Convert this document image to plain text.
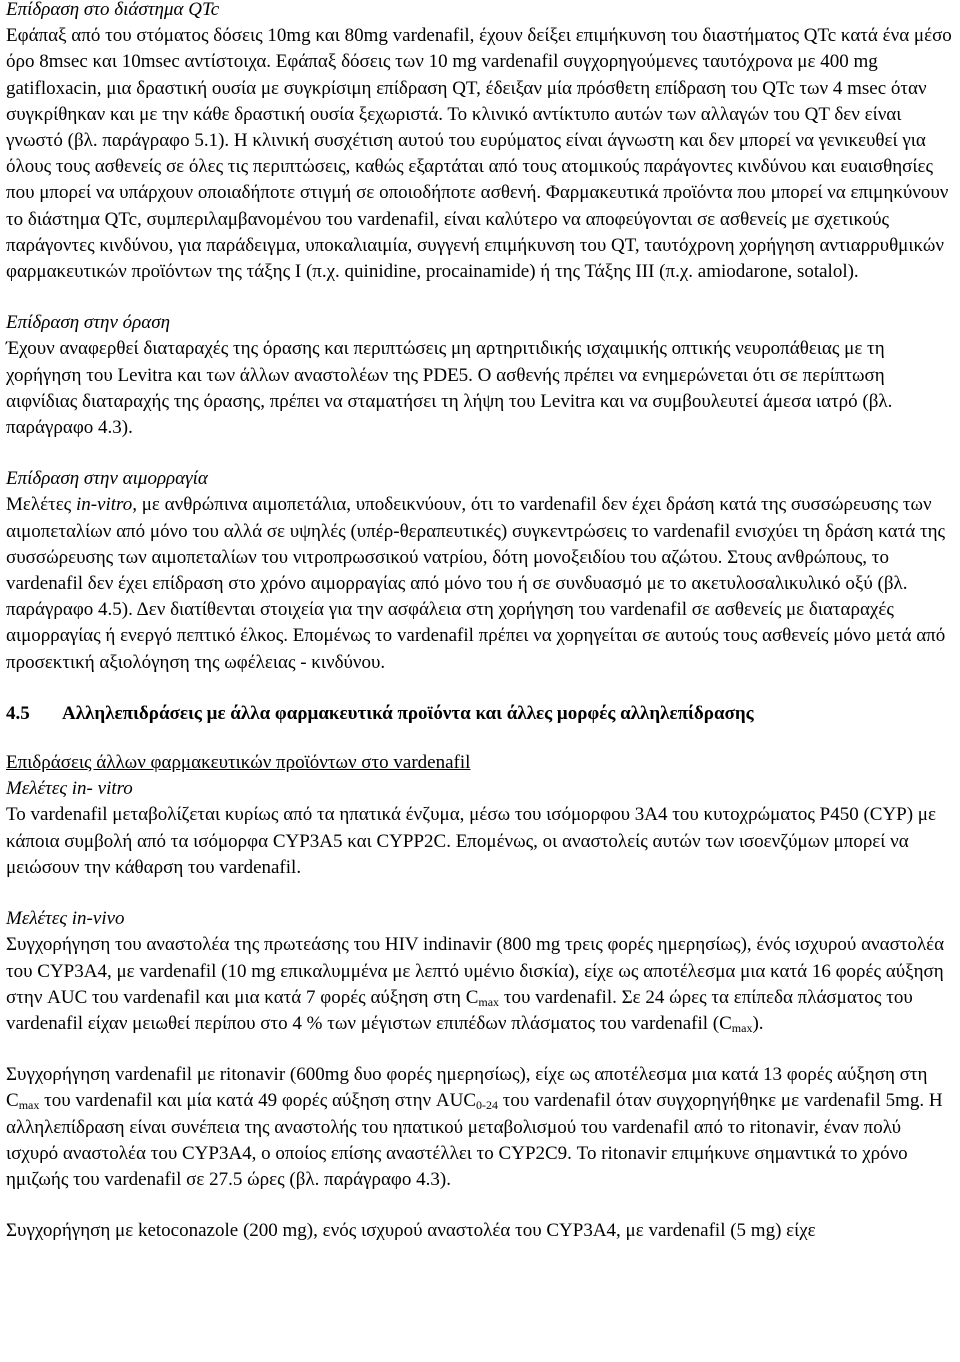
Επίδραση στο διάστημα QTc

Εφάπαξ από του στόματος δόσεις 10mg και 80mg vardenafil, έχουν δείξει επιμήκυνση του διαστήματος QTc κατά ένα μέσο όρο 8msec και 10msec αντίστοιχα. Εφάπαξ δόσεις των 10 mg vardenafil συγχορηγούμενες ταυτόχρονα με 400 mg gatifloxacin, μια δραστική ουσία με συγκρίσιμη επίδραση QT, έδειξαν μία πρόσθετη επίδραση του QTc των 4 msec όταν συγκρίθηκαν και με την κάθε δραστική ουσία ξεχωριστά. Το κλινικό αντίκτυπο αυτών των αλλαγών του QT δεν είναι γνωστό (βλ. παράγραφο 5.1). Η κλινική συσχέτιση αυτού του ευρύματος είναι άγνωστη και δεν μπορεί να γενικευθεί για όλους τους ασθενείς σε όλες τις περιπτώσεις, καθώς εξαρτάται από τους ατομικούς παράγοντες κινδύνου και ευαισθησίες που μπορεί να υπάρχουν οποιαδήποτε στιγμή σε οποιοδήποτε ασθενή. Φαρμακευτικά προϊόντα που μπορεί να επιμηκύνουν το διάστημα QTc, συμπεριλαμβανομένου του vardenafil, είναι καλύτερο να αποφεύγονται σε ασθενείς με σχετικούς παράγοντες κινδύνου, για παράδειγμα, υποκαλιαιμία, συγγενή επιμήκυνση του QT, ταυτόχρονη χορήγηση αντιαρρυθμικών φαρμακευτικών προϊόντων της τάξης I (π.χ. quinidine, procainamide) ή της Τάξης III (π.χ. amiodarone, sotalol).

Επίδραση στην όραση

Έχουν αναφερθεί διαταραχές της όρασης και περιπτώσεις μη αρτηριτιδικής ισχαιμικής οπτικής νευροπάθειας με τη χορήγηση του Levitra και των άλλων αναστολέων της PDE5. Ο ασθενής πρέπει να ενημερώνεται ότι σε περίπτωση αιφνίδιας διαταραχής της όρασης, πρέπει να σταματήσει τη λήψη του Levitra και να συμβουλευτεί άμεσα ιατρό (βλ. παράγραφο 4.3).

Επίδραση στην αιμορραγία

Μελέτες in-vitro, με ανθρώπινα αιμοπετάλια, υποδεικνύουν, ότι το vardenafil δεν έχει δράση κατά της συσσώρευσης των αιμοπεταλίων από μόνο του αλλά σε υψηλές (υπέρ-θεραπευτικές) συγκεντρώσεις το vardenafil ενισχύει τη δράση κατά της συσσώρευσης των αιμοπεταλίων του νιτροπρωσσικού νατρίου, δότη μονοξειδίου του αζώτου. Στους ανθρώπους, το vardenafil δεν έχει επίδραση στο χρόνο αιμορραγίας από μόνο του ή σε συνδυασμό με το ακετυλοσαλικυλικό οξύ (βλ. παράγραφο 4.5). Δεν διατίθενται στοιχεία για την ασφάλεια στη χορήγηση του vardenafil σε ασθενείς με διαταραχές αιμορραγίας ή ενεργό πεπτικό έλκος. Επομένως το vardenafil πρέπει να χορηγείται σε αυτούς τους ασθενείς μόνο μετά από προσεκτική αξιολόγηση της ωφέλειας - κινδύνου.

4.5 Αλληλεπιδράσεις με άλλα φαρμακευτικά προϊόντα και άλλες μορφές αλληλεπίδρασης

Επιδράσεις άλλων φαρμακευτικών προϊόντων στο vardenafil

Μελέτες in- vitro

Το vardenafil μεταβολίζεται κυρίως από τα ηπατικά ένζυμα, μέσω του ισόμορφου 3A4 του κυτοχρώματος P450 (CYP) με κάποια συμβολή από τα ισόμορφα CYP3A5 και CYPP2C. Επομένως, οι αναστολείς αυτών των ισοενζύμων μπορεί να μειώσουν την κάθαρση του vardenafil.

Μελέτες in-vivo

Συγχορήγηση του αναστολέα της πρωτεάσης του HIV indinavir (800 mg τρεις φορές ημερησίως), ένός ισχυρού αναστολέα του CYP3A4, με vardenafil (10 mg επικαλυμμένα με λεπτό υμένιο δισκία), είχε ως αποτέλεσμα μια κατά 16 φορές αύξηση στην AUC του vardenafil και μια κατά 7 φορές αύξηση στη $C_{max}$ του vardenafil. Σε 24 ώρες τα επίπεδα πλάσματος του vardenafil είχαν μειωθεί περίπου στο 4 % των μέγιστων επιπέδων πλάσματος του vardenafil $(C_{max})$.

Συγχορήγηση vardenafil με ritonavir (600mg δυο φορές ημερησίως), είχε ως αποτέλεσμα μια κατά 13 φορές αύξηση στη $C_{max}$ του vardenafil και μία κατά 49 φορές αύξηση στην $AUC_{0-24}$ του vardenafil όταν συγχορηγήθηκε με vardenafil 5mg. Η αλληλεπίδραση είναι συνέπεια της αναστολής του ηπατικού μεταβολισμού του vardenafil από το ritonavir, έναν πολύ ισχυρό αναστολέα του CYP3A4, ο οποίος επίσης αναστέλλει το CYP2C9. Το ritonavir επιμήκυνε σημαντικά το χρόνο ημιζωής του vardenafil σε 27.5 ώρες (βλ. παράγραφο 4.3).

Συγχορήγηση με ketoconazole (200 mg), ενός ισχυρού αναστολέα του CYP3A4, με vardenafil (5 mg) είχε
